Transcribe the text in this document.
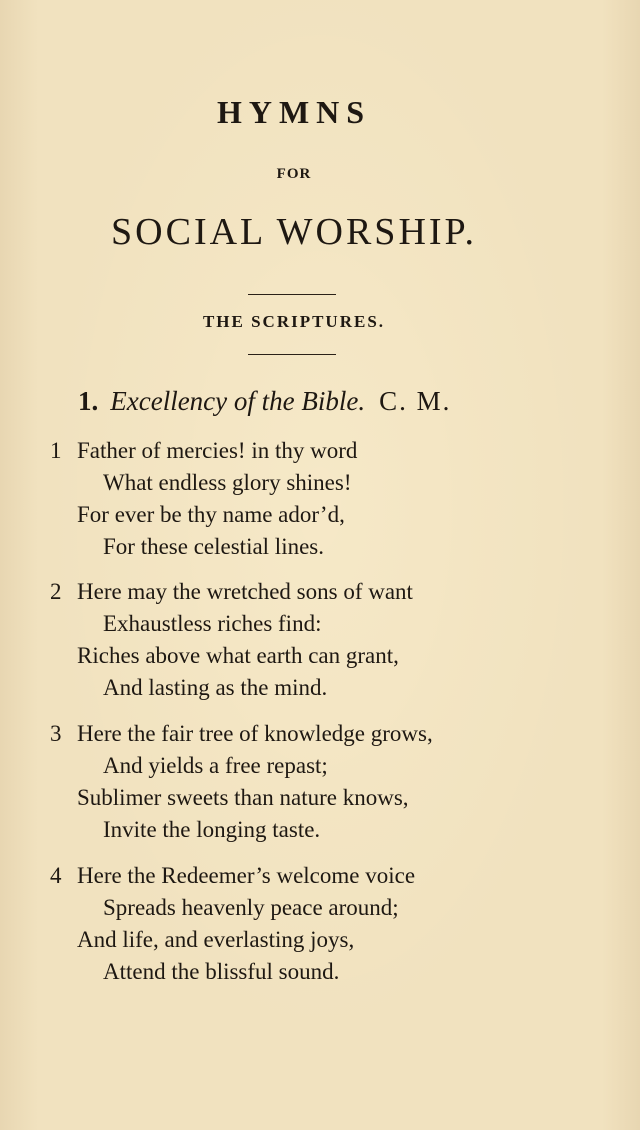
HYMNS
FOR
SOCIAL WORSHIP.
THE SCRIPTURES.
1. Excellency of the Bible. C. M.
1 Father of mercies! in thy word
What endless glory shines!
For ever be thy name ador’d,
For these celestial lines.
2 Here may the wretched sons of want
Exhaustless riches find:
Riches above what earth can grant,
And lasting as the mind.
3 Here the fair tree of knowledge grows,
And yields a free repast;
Sublimer sweets than nature knows,
Invite the longing taste.
4 Here the Redeemer’s welcome voice
Spreads heavenly peace around;
And life, and everlasting joys,
Attend the blissful sound.
